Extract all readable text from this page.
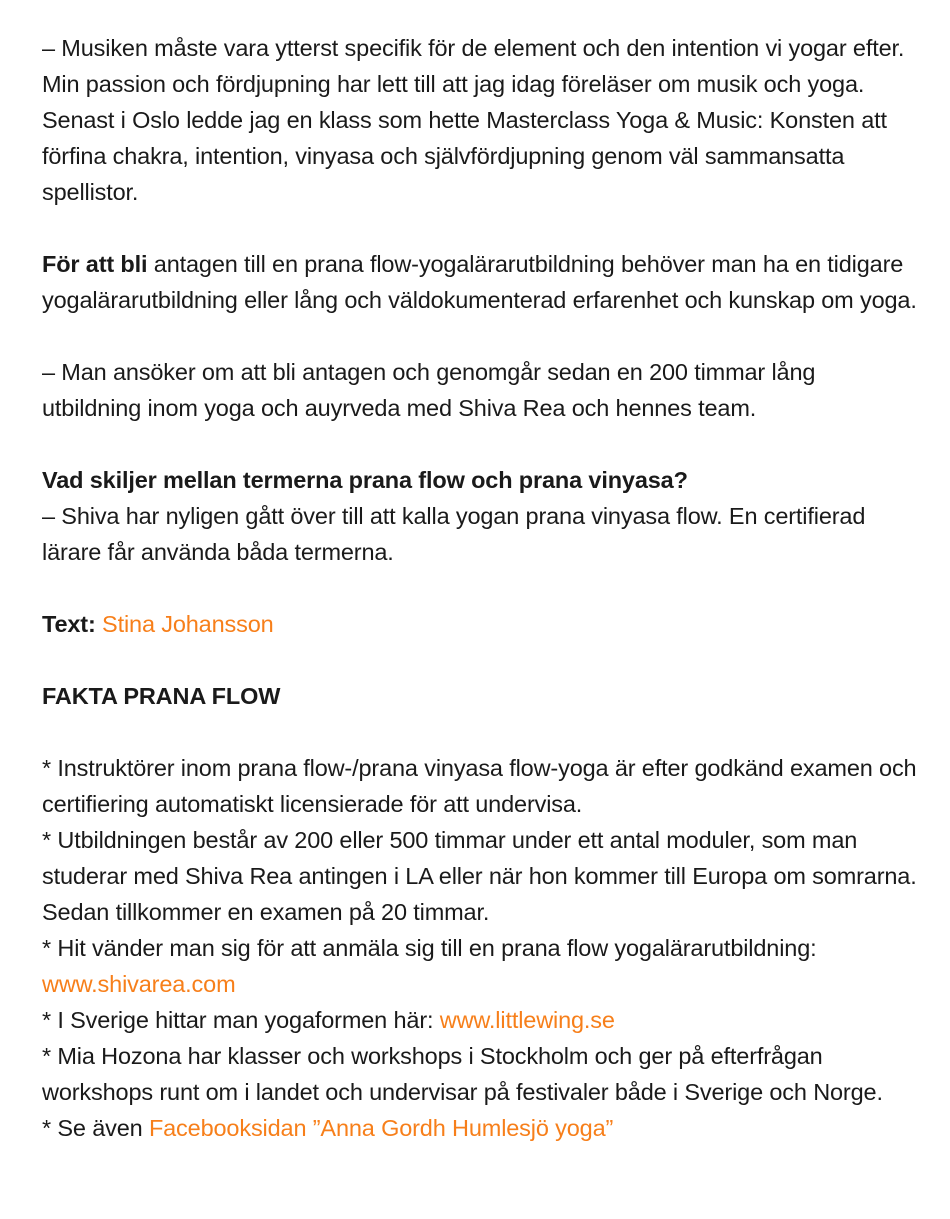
– Musiken måste vara ytterst specifik för de element och den intention vi yogar efter. Min passion och fördjupning har lett till att jag idag föreläser om musik och yoga. Senast i Oslo ledde jag en klass som hette Masterclass Yoga & Music: Konsten att förfina chakra, intention, vinyasa och självfördjupning genom väl sammansatta spellistor.

För att bli antagen till en prana flow-yogalärarutbildning behöver man ha en tidigare yogalärarutbildning eller lång och väldokumenterad erfarenhet och kunskap om yoga.

– Man ansöker om att bli antagen och genomgår sedan en 200 timmar lång utbildning inom yoga och auyrveda med Shiva Rea och hennes team.

Vad skiljer mellan termerna prana flow och prana vinyasa?
– Shiva har nyligen gått över till att kalla yogan prana vinyasa flow. En certifierad lärare får använda båda termerna.

Text: Stina Johansson

FAKTA PRANA FLOW

* Instruktörer inom prana flow-/prana vinyasa flow-yoga är efter godkänd examen och certifiering automatiskt licensierade för att undervisa.
* Utbildningen består av 200 eller 500 timmar under ett antal moduler, som man studerar med Shiva Rea antingen i LA eller när hon kommer till Europa om somrarna. Sedan tillkommer en examen på 20 timmar.
* Hit vänder man sig för att anmäla sig till en prana flow yogalärarutbildning: www.shivarea.com
* I Sverige hittar man yogaformen här: www.littlewing.se
* Mia Hozona har klasser och workshops i Stockholm och ger på efterfrågan workshops runt om i landet och undervisar på festivaler både i Sverige och Norge.
* Se även Facebooksidan ”Anna Gordh Humlesjö yoga”
